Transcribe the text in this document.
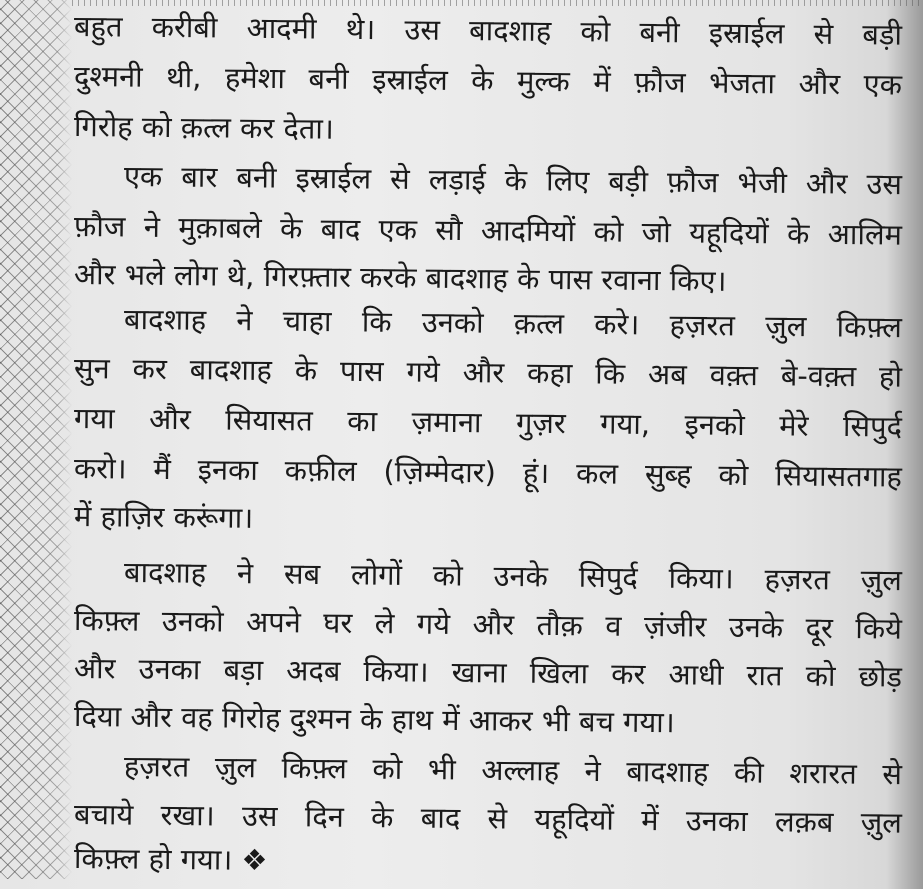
बहुत करीबी आदमी थे। उस बादशाह को बनी इस्राईल से बड़ी
दुश्मनी थी, हमेशा बनी इस्राईल के मुल्क में फ़ौज भेजता और एक
गिरोह को क़त्ल कर देता।
एक बार बनी इस्राईल से लड़ाई के लिए बड़ी फ़ौज भेजी और उस
फ़ौज ने मुक़ाबले के बाद एक सौ आदमियों को जो यहूदियों के आलिम
और भले लोग थे, गिरफ़्तार करके बादशाह के पास रवाना किए।
बादशाह ने चाहा कि उनको क़त्ल करे। हज़रत ज़ुल किफ़्ल
सुन कर बादशाह के पास गये और कहा कि अब वक़्त बे-वक़्त हो
गया और सियासत का ज़माना गुज़र गया, इनको मेरे सिपुर्द
करो। मैं इनका कफ़ील (ज़िम्मेदार) हूं। कल सुब्ह को सियासतगाह
में हाज़िर करूंगा।
बादशाह ने सब लोगों को उनके सिपुर्द किया। हज़रत ज़ुल
किफ़्ल उनको अपने घर ले गये और तौक़ व ज़ंजीर उनके दूर किये
और उनका बड़ा अदब किया। खाना खिला कर आधी रात को छोड़
दिया और वह गिरोह दुश्मन के हाथ में आकर भी बच गया।
हज़रत ज़ुल किफ़्ल को भी अल्लाह ने बादशाह की शरारत से
बचाये रखा। उस दिन के बाद से यहूदियों में उनका लक़ब ज़ुल
किफ़्ल हो गया। ❖
